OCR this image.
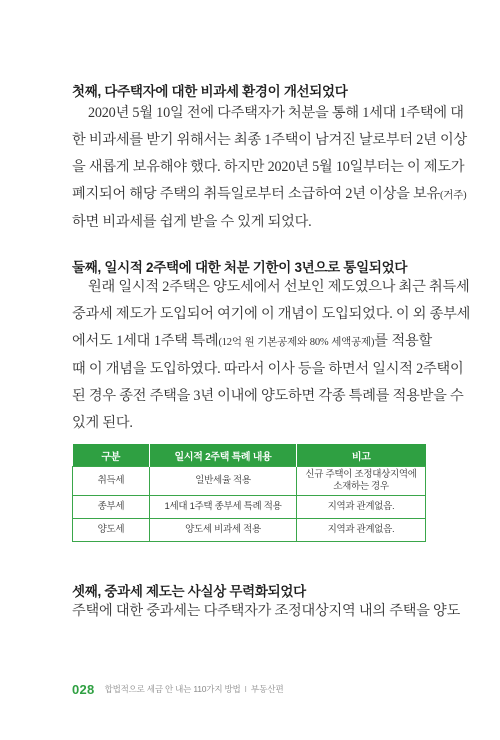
첫째, 다주택자에 대한 비과세 환경이 개선되었다

2020년 5월 10일 전에 다주택자가 처분을 통해 1세대 1주택에 대
한 비과세를 받기 위해서는 최종 1주택이 남겨진 날로부터 2년 이상
을 새롭게 보유해야 했다. 하지만 2020년 5월 10일부터는 이 제도가
폐지되어 해당 주택의 취득일로부터 소급하여 2년 이상을 보유(거주)
하면 비과세를 쉽게 받을 수 있게 되었다.

둘째, 일시적 2주택에 대한 처분 기한이 3년으로 통일되었다

원래 일시적 2주택은 양도세에서 선보인 제도였으나 최근 취득세
중과세 제도가 도입되어 여기에 이 개념이 도입되었다. 이 외 종부세
에서도 1세대 1주택 특례(12억 원 기본공제와 80% 세액공제)를 적용할
때 이 개념을 도입하였다. 따라서 이사 등을 하면서 일시적 2주택이
된 경우 종전 주택을 3년 이내에 양도하면 각종 특례를 적용받을 수
있게 된다.

구분	일시적 2주택 특례 내용	비고
취득세	일반세율 적용	신규 주택이 조정대상지역에
소재하는 경우
종부세	1세대 1주택 종부세 특례 적용	지역과 관계없음.
양도세	양도세 비과세 적용	지역과 관계없음.

셋째, 중과세 제도는 사실상 무력화되었다

주택에 대한 중과세는 다주택자가 조정대상지역 내의 주택을 양도

028 합법적으로 세금 안 내는 110가지 방법 I 부동산편
